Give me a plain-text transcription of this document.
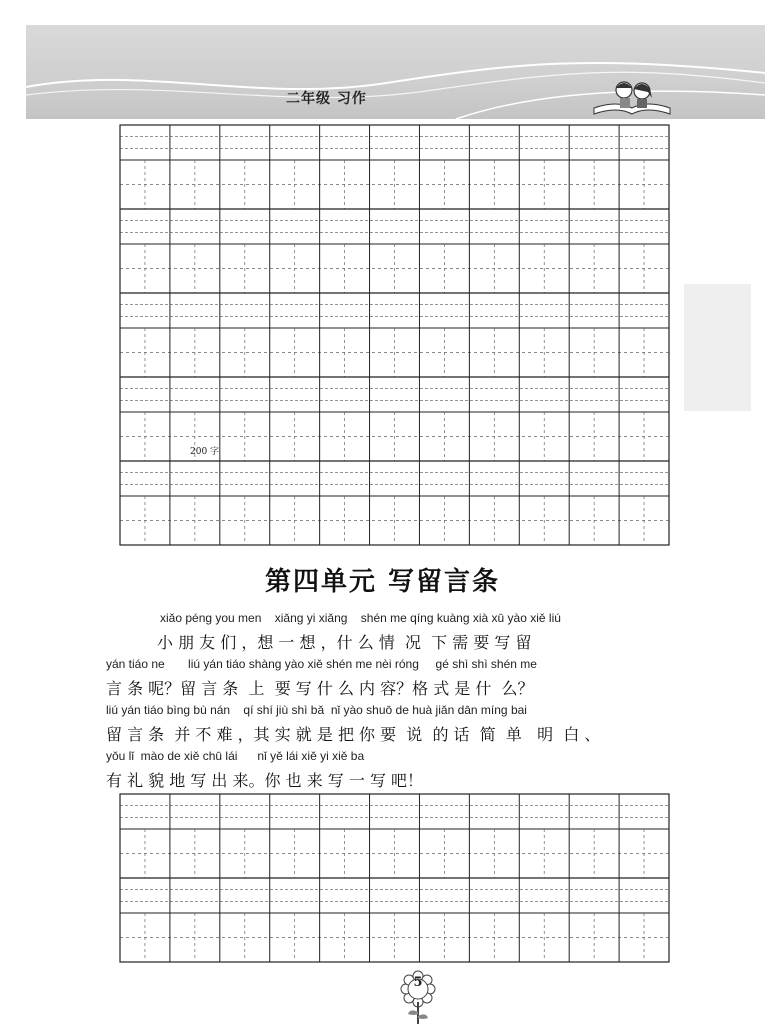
二年级 习作
200 字
第四单元 写留言条
xiǎo péng you men    xiǎng yi xiǎng    shén me qíng kuàng xià xū yào xiě liú
小 朋 友 们 ，想 一 想 ，什 么 情  况  下 需 要 写 留
yán tiáo ne       liú yán tiáo shàng yào xiě shén me nèi róng     gé shì shì shén me
言 条 呢？留 言 条  上  要 写 什 么 内 容？格 式 是 什  么？
liú yán tiáo bìng bù nán    qí shí jiù shì bǎ  nǐ yào shuō de huà jiǎn dān míng bai
留 言 条  并 不 难 ，其 实 就 是 把 你 要  说  的 话  简  单   明  白 、
yǒu lǐ  mào de xiě chū lái      nǐ yě lái xiě yi xiě ba
有 礼 貌 地 写 出 来。你 也 来 写 一 写 吧！
5
